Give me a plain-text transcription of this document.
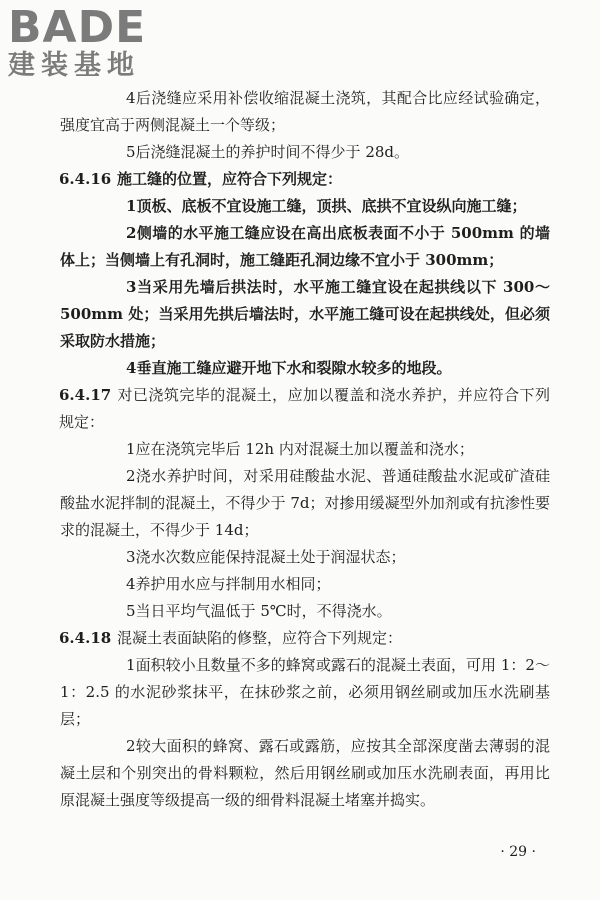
BADE
建装基地

4后浇缝应采用补偿收缩混凝土浇筑，其配合比应经试验确定，强度宜高于两侧混凝土一个等级；

5后浇缝混凝土的养护时间不得少于 28d。

6.4.16 施工缝的位置，应符合下列规定：

1顶板、底板不宜设施工缝，顶拱、底拱不宜设纵向施工缝；

2侧墙的水平施工缝应设在高出底板表面不小于 500mm 的墙体上；当侧墙上有孔洞时，施工缝距孔洞边缘不宜小于 300mm；

3当采用先墙后拱法时，水平施工缝宜设在起拱线以下 300～500mm 处；当采用先拱后墙法时，水平施工缝可设在起拱线处，但必须采取防水措施；

4垂直施工缝应避开地下水和裂隙水较多的地段。

6.4.17 对已浇筑完毕的混凝土，应加以覆盖和浇水养护，并应符合下列规定：

1应在浇筑完毕后 12h 内对混凝土加以覆盖和浇水；

2浇水养护时间，对采用硅酸盐水泥、普通硅酸盐水泥或矿渣硅酸盐水泥拌制的混凝土，不得少于 7d；对掺用缓凝型外加剂或有抗渗性要求的混凝土，不得少于 14d；

3浇水次数应能保持混凝土处于润湿状态；

4养护用水应与拌制用水相同；

5当日平均气温低于 5℃时，不得浇水。

6.4.18 混凝土表面缺陷的修整，应符合下列规定：

1面积较小且数量不多的蜂窝或露石的混凝土表面，可用 1：2～1：2.5 的水泥砂浆抹平，在抹砂浆之前，必须用钢丝刷或加压水洗刷基层；

2较大面积的蜂窝、露石或露筋，应按其全部深度凿去薄弱的混凝土层和个别突出的骨料颗粒，然后用钢丝刷或加压水洗刷表面，再用比原混凝土强度等级提高一级的细骨料混凝土堵塞并捣实。

· 29 ·
